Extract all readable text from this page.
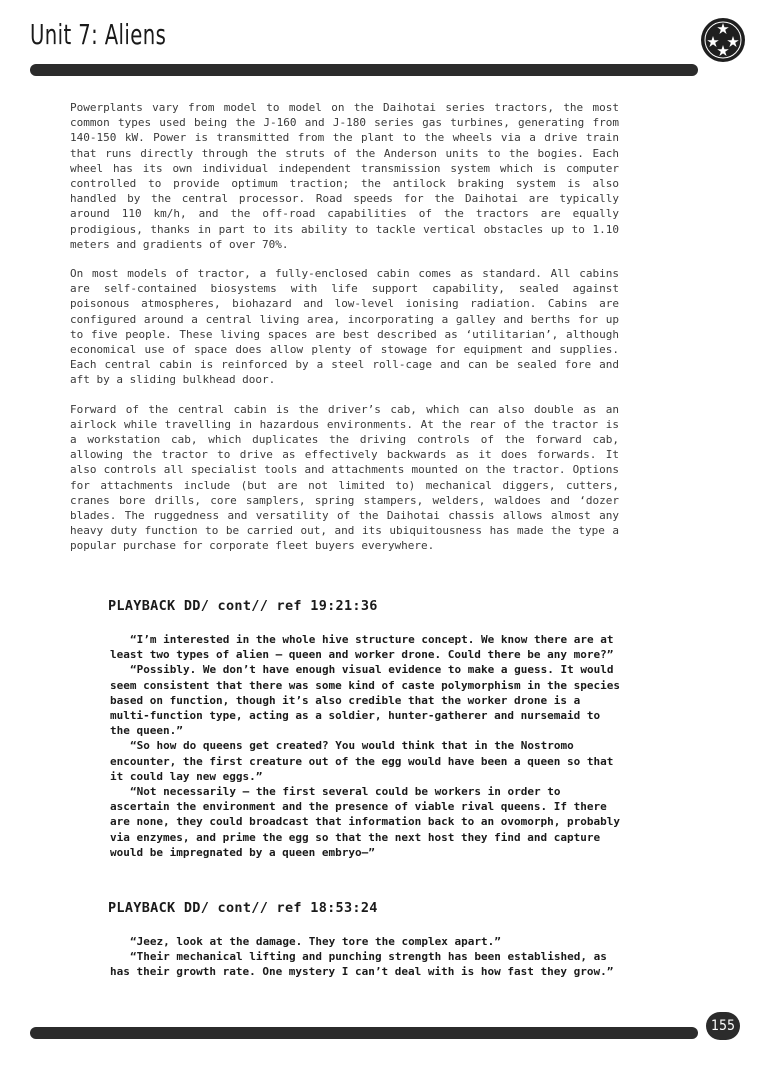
Unit 7: Aliens

Powerplants vary from model to model on the Daihotai series tractors, the most common types used being the J-160 and J-180 series gas turbines, generating from 140-150 kW. Power is transmitted from the plant to the wheels via a drive train that runs directly through the struts of the Anderson units to the bogies. Each wheel has its own individual independent transmission system which is computer controlled to provide optimum traction; the antilock braking system is also handled by the central processor. Road speeds for the Daihotai are typically around 110 km/h, and the off-road capabilities of the tractors are equally prodigious, thanks in part to its ability to tackle vertical obstacles up to 1.10 meters and gradients of over 70%.

On most models of tractor, a fully-enclosed cabin comes as standard. All cabins are self-contained biosystems with life support capability, sealed against poisonous atmospheres, biohazard and low-level ionising radiation. Cabins are configured around a central living area, incorporating a galley and berths for up to five people. These living spaces are best described as ‘utilitarian’, although economical use of space does allow plenty of stowage for equipment and supplies. Each central cabin is reinforced by a steel roll-cage and can be sealed fore and aft by a sliding bulkhead door.

Forward of the central cabin is the driver’s cab, which can also double as an airlock while travelling in hazardous environments. At the rear of the tractor is a workstation cab, which duplicates the driving controls of the forward cab, allowing the tractor to drive as effectively backwards as it does forwards. It also controls all specialist tools and attachments mounted on the tractor. Options for attachments include (but are not limited to) mechanical diggers, cutters, cranes bore drills, core samplers, spring stampers, welders, waldoes and ‘dozer blades. The ruggedness and versatility of the Daihotai chassis allows almost any heavy duty function to be carried out, and its ubiquitousness has made the type a popular purchase for corporate fleet buyers everywhere.

PLAYBACK DD/ cont// ref 19:21:36

“I’m interested in the whole hive structure concept. We know there are at least two types of alien – queen and worker drone. Could there be any more?”

“Possibly. We don’t have enough visual evidence to make a guess. It would seem consistent that there was some kind of caste polymorphism in the species based on function, though it’s also credible that the worker drone is a multi-function type, acting as a soldier, hunter-gatherer and nursemaid to the queen.”

“So how do queens get created? You would think that in the Nostromo encounter, the first creature out of the egg would have been a queen so that it could lay new eggs.”

“Not necessarily – the first several could be workers in order to ascertain the environment and the presence of viable rival queens. If there are none, they could broadcast that information back to an ovomorph, probably via enzymes, and prime the egg so that the next host they find and capture would be impregnated by a queen embryo–”

PLAYBACK DD/ cont// ref 18:53:24

“Jeez, look at the damage. They tore the complex apart.”

“Their mechanical lifting and punching strength has been established, as has their growth rate. One mystery I can’t deal with is how fast they grow.”

155
